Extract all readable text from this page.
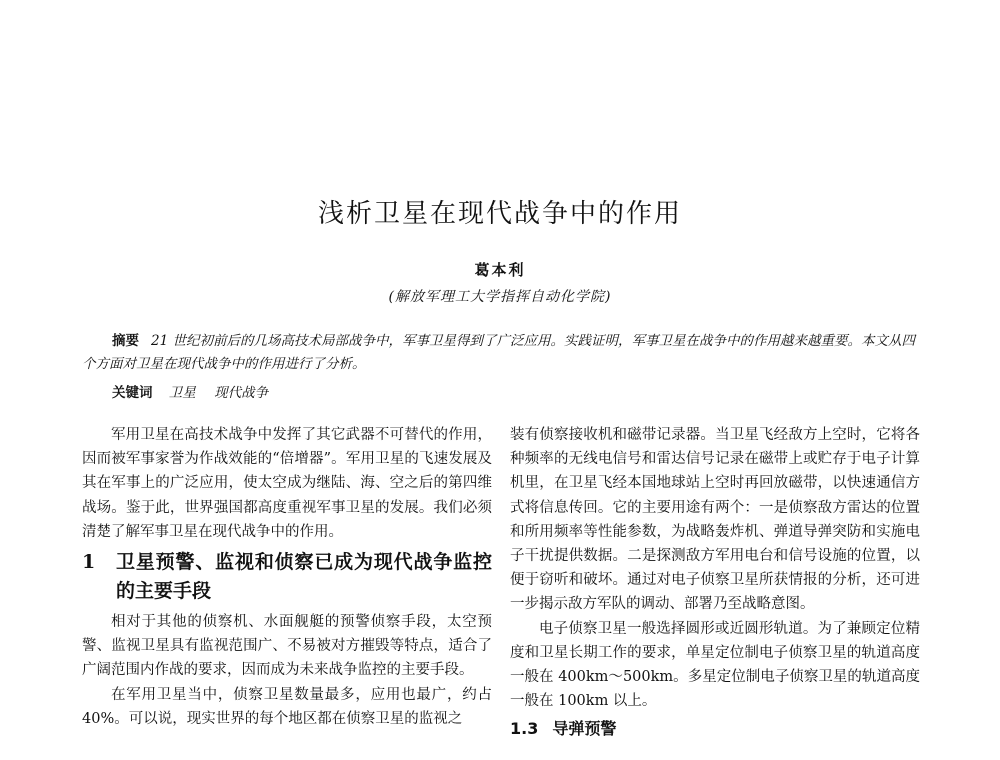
浅析卫星在现代战争中的作用
葛本利
(解放军理工大学指挥自动化学院)
摘要 21 世纪初前后的几场高技术局部战争中，军事卫星得到了广泛应用。实践证明，军事卫星在战争中的作用越来越重要。本文从四个方面对卫星在现代战争中的作用进行了分析。
关键词 卫星 现代战争

军用卫星在高技术战争中发挥了其它武器不可替代的作用，因而被军事家誉为作战效能的“倍增器”。军用卫星的飞速发展及其在军事上的广泛应用，使太空成为继陆、海、空之后的第四维战场。鉴于此，世界强国都高度重视军事卫星的发展。我们必须清楚了解军事卫星在现代战争中的作用。

1	卫星预警、监视和侦察已成为现代战争监控的主要手段

相对于其他的侦察机、水面舰艇的预警侦察手段，太空预警、监视卫星具有监视范围广、不易被对方摧毁等特点，适合了广阔范围内作战的要求，因而成为未来战争监控的主要手段。

在军用卫星当中，侦察卫星数量最多，应用也最广，约占 40%。可以说，现实世界的每个地区都在侦察卫星的监视之

装有侦察接收机和磁带记录器。当卫星飞经敌方上空时，它将各种频率的无线电信号和雷达信号记录在磁带上或贮存于电子计算机里，在卫星飞经本国地球站上空时再回放磁带，以快速通信方式将信息传回。它的主要用途有两个：一是侦察敌方雷达的位置和所用频率等性能参数，为战略轰炸机、弹道导弹突防和实施电子干扰提供数据。二是探测敌方军用电台和信号设施的位置，以便于窃听和破坏。通过对电子侦察卫星所获情报的分析，还可进一步揭示敌方军队的调动、部署乃至战略意图。

电子侦察卫星一般选择圆形或近圆形轨道。为了兼顾定位精度和卫星长期工作的要求，单星定位制电子侦察卫星的轨道高度一般在 400km～500km。多星定位制电子侦察卫星的轨道高度一般在 100km 以上。

1.3 导弹预警
